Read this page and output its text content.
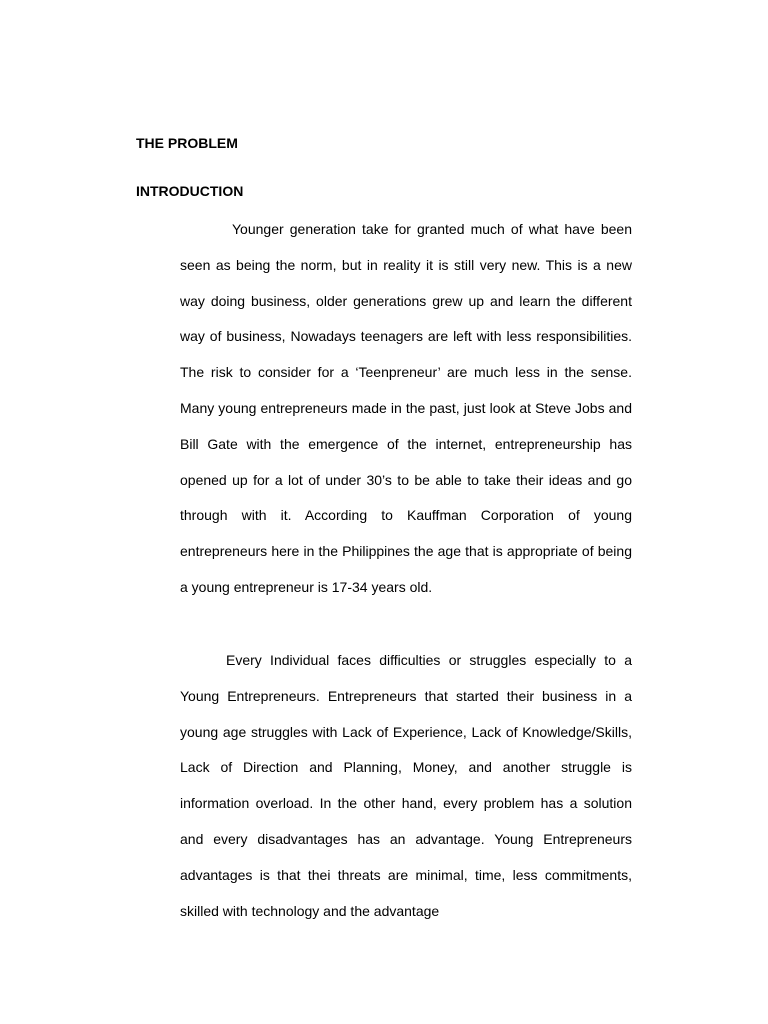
THE PROBLEM
INTRODUCTION

Younger generation take for granted much of what have been seen as being the norm, but in reality it is still very new. This is a new way doing business, older generations grew up and learn the different way of business, Nowadays teenagers are left with less responsibilities. The risk to consider for a ‘Teenpreneur’ are much less in the sense. Many young entrepreneurs made in the past, just look at Steve Jobs and Bill Gate with the emergence of the internet, entrepreneurship has opened up for a lot of under 30’s to be able to take their ideas and go through with it. According to Kauffman Corporation of young entrepreneurs here in the Philippines the age that is appropriate of being a young entrepreneur is 17-34 years old.

Every Individual faces difficulties or struggles especially to a Young Entrepreneurs. Entrepreneurs that started their business in a young age struggles with Lack of Experience, Lack of Knowledge/Skills, Lack of Direction and Planning, Money, and another struggle is information overload. In the other hand, every problem has a solution and every disadvantages has an advantage. Young Entrepreneurs advantages is that thei threats are minimal, time, less commitments, skilled with technology and the advantage
